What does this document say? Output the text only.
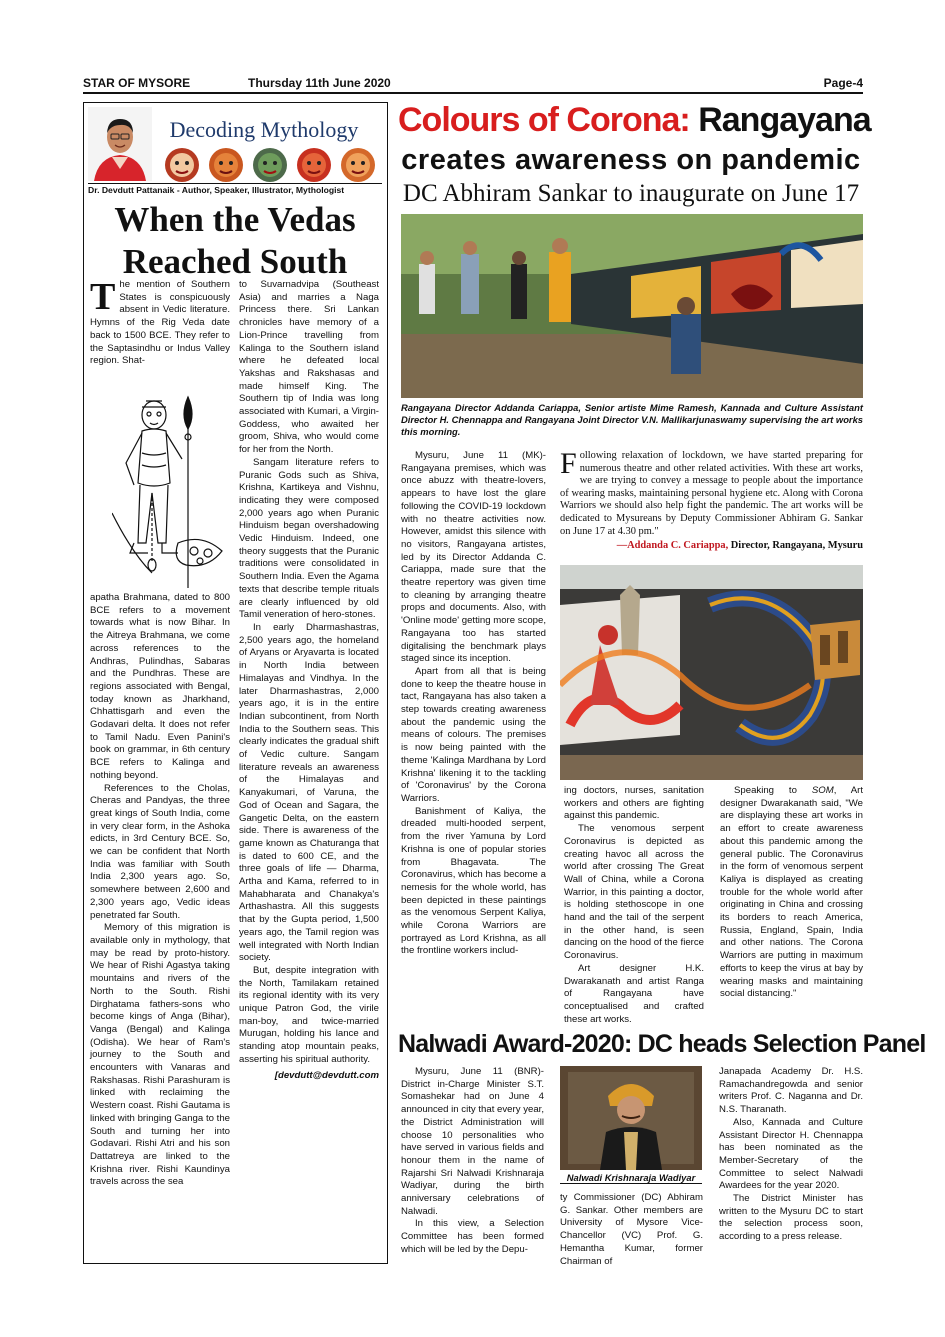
STAR OF MYSORE	Thursday 11th June 2020	Page-4
Decoding Mythology
Dr. Devdutt Pattanaik - Author, Speaker, Illustrator, Mythologist
When the Vedas
Reached South
T he mention of Southern States is conspicuously absent in Vedic literature. Hymns of the Rig Veda date back to 1500 BCE. They refer to the Saptasindhu or Indus Valley region. Shat-

apatha Brahmana, dated to 800 BCE refers to a movement towards what is now Bihar. In the Aitreya Brahmana, we come across references to the Andhras, Pulindhas, Sabaras and the Pundhras. These are regions associated with Bengal, today known as Jharkhand, Chhattisgarh and even the Godavari delta. It does not refer to Tamil Nadu. Even Panini's book on grammar, in 6th century BCE refers to Kalinga and nothing beyond.

References to the Cholas, Cheras and Pandyas, the three great kings of South India, come in very clear form, in the Ashoka edicts, in 3rd Century BCE. So, we can be confident that North India was familiar with South India 2,300 years ago. So, somewhere between 2,600 and 2,300 years ago, Vedic ideas penetrated far South.

Memory of this migration is available only in mythology, that may be read by proto-history. We hear of Rishi Agastya taking mountains and rivers of the North to the South. Rishi Dirghatama fathers-sons who become kings of Anga (Bihar), Vanga (Bengal) and Kalinga (Odisha). We hear of Ram's journey to the South and encounters with Vanaras and Rakshasas. Rishi Parashuram is linked with reclaiming the Western coast. Rishi Gautama is linked with bringing Ganga to the South and turning her into Godavari. Rishi Atri and his son Dattatreya are linked to the Krishna river. Rishi Kaundinya travels across the sea

to Suvarnadvipa (Southeast Asia) and marries a Naga Princess there. Sri Lankan chronicles have memory of a Lion-Prince travelling from Kalinga to the Southern island where he defeated local Yakshas and Rakshasas and made himself King. The Southern tip of India was long associated with Kumari, a Virgin-Goddess, who awaited her groom, Shiva, who would come for her from the North.

Sangam literature refers to Puranic Gods such as Shiva, Krishna, Kartikeya and Vishnu, indicating they were composed 2,000 years ago when Puranic Hinduism began overshadowing Vedic Hinduism. Indeed, one theory suggests that the Puranic traditions were consolidated in Southern India. Even the Agama texts that describe temple rituals are clearly influenced by old Tamil veneration of hero-stones.

In early Dharmashastras, 2,500 years ago, the homeland of Aryans or Aryavarta is located in North India between Himalayas and Vindhya. In the later Dharmashastras, 2,000 years ago, it is in the entire Indian subcontinent, from North India to the Southern seas. This clearly indicates the gradual shift of Vedic culture. Sangam literature reveals an awareness of the Himalayas and Kanyakumari, of Varuna, the God of Ocean and Sagara, the Gangetic Delta, on the eastern side. There is awareness of the game known as Chaturanga that is dated to 600 CE, and the three goals of life — Dharma, Artha and Kama, referred to in Mahabharata and Chanakya's Arthashastra. All this suggests that by the Gupta period, 1,500 years ago, the Tamil region was well integrated with North Indian society.

But, despite integration with the North, Tamilakam retained its regional identity with its very unique Patron God, the virile man-boy, and twice-married Murugan, holding his lance and standing atop mountain peaks, asserting his spiritual authority.

[devdutt@devdutt.com

Colours of Corona: Rangayana
creates awareness on pandemic
DC Abhiram Sankar to inaugurate on June 17
Rangayana Director Addanda Cariappa, Senior artiste Mime Ramesh, Kannada and Culture Assistant Director H. Chennappa and Rangayana Joint Director V.N. Mallikarjunaswamy supervising the art works this morning.

Mysuru, June 11 (MK)- Rangayana premises, which was once abuzz with theatre-lovers, appears to have lost the glare following the COVID-19 lockdown with no theatre activities now. However, amidst this silence with no visitors, Rangayana artistes, led by its Director Addanda C. Cariappa, made sure that the theatre repertory was given time to cleaning by arranging theatre props and documents. Also, with 'Online mode' getting more scope, Rangayana too has started digitalising the benchmark plays staged since its inception.

Apart from all that is being done to keep the theatre house in tact, Rangayana has also taken a step towards creating awareness about the pandemic using the means of colours. The premises is now being painted with the theme 'Kalinga Mardhana by Lord Krishna' likening it to the tackling of 'Coronavirus' by the Corona Warriors.

Banishment of Kaliya, the dreaded multi-hooded serpent, from the river Yamuna by Lord Krishna is one of popular stories from Bhagavata. The Coronavirus, which has become a nemesis for the whole world, has been depicted in these paintings as the venomous Serpent Kaliya, while Corona Warriors are portrayed as Lord Krishna, as all the frontline workers includ-

F ollowing relaxation of lockdown, we have started preparing for numerous theatre and other related activities. With these art works, we are trying to convey a message to people about the importance of wearing masks, maintaining personal hygiene etc. Along with Corona Warriors we should also help fight the pandemic. The art works will be dedicated to Mysureans by Deputy Commissioner Abhiram G. Sankar on June 17 at 4.30 pm."
—Addanda C. Cariappa, Director, Rangayana, Mysuru

ing doctors, nurses, sanitation workers and others are fighting against this pandemic.

The venomous serpent Coronavirus is depicted as creating havoc all across the world after crossing The Great Wall of China, while a Corona Warrior, in this painting a doctor, is holding stethoscope in one hand and the tail of the serpent in the other hand, is seen dancing on the hood of the fierce Coronavirus.

Art designer H.K. Dwarakanath and artist Ranga of Rangayana have conceptualised and crafted these art works.

Speaking to SOM, Art designer Dwarakanath said, "We are displaying these art works in an effort to create awareness about this pandemic among the general public. The Coronavirus in the form of venomous serpent Kaliya is displayed as creating trouble for the whole world after originating in China and crossing its borders to reach America, Russia, England, Spain, India and other nations. The Corona Warriors are putting in maximum efforts to keep the virus at bay by wearing masks and maintaining social distancing."

Nalwadi Award-2020: DC heads Selection Panel

Mysuru, June 11 (BNR)- District in-Charge Minister S.T. Somashekar had on June 4 announced in city that every year, the District Administration will choose 10 personalities who have served in various fields and honour them in the name of Rajarshi Sri Nalwadi Krishnaraja Wadiyar, during the birth anniversary celebrations of Nalwadi.

In this view, a Selection Committee has been formed which will be led by the Depu-

Nalwadi Krishnaraja Wadiyar

ty Commissioner (DC) Abhiram G. Sankar. Other members are University of Mysore Vice-Chancellor (VC) Prof. G. Hemantha Kumar, former Chairman of

Janapada Academy Dr. H.S. Ramachandregowda and senior writers Prof. C. Naganna and Dr. N.S. Tharanath.

Also, Kannada and Culture Assistant Director H. Chennappa has been nominated as the Member-Secretary of the Committee to select Nalwadi Awardees for the year 2020.

The District Minister has written to the Mysuru DC to start the selection process soon, according to a press release.
